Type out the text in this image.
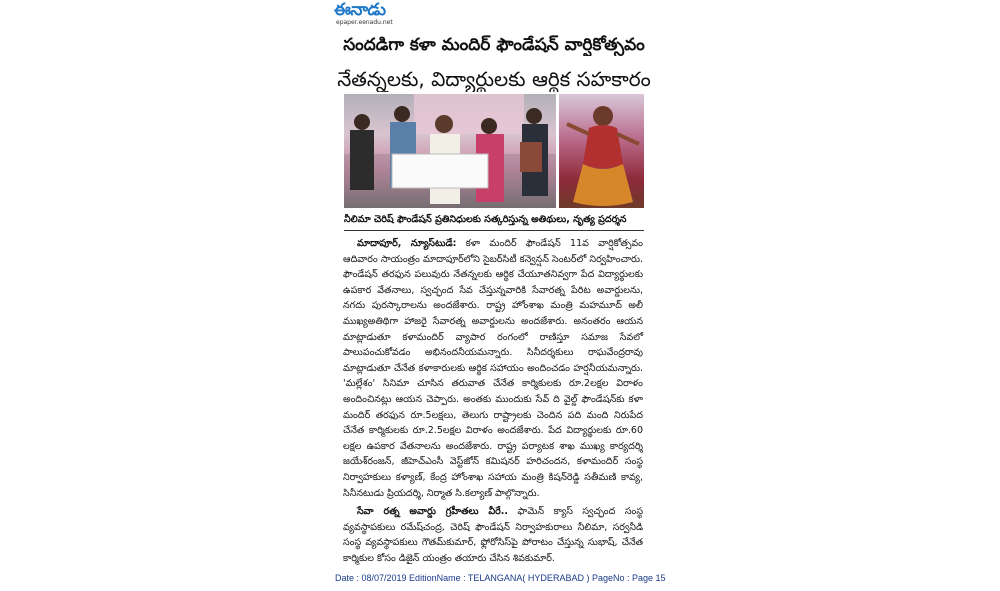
ఈనాడు
epaper.eenadu.net
సందడిగా కళా మందిర్ ఫౌండేషన్ వార్షికోత్సవం
నేతన్నలకు, విద్యార్థులకు ఆర్థిక సహకారం
నీలిమా చెరిష్ ఫౌండేషన్ ప్రతినిధులకు సత్కరిస్తున్న అతిథులు, నృత్య ప్రదర్శన

మాదాపూర్, న్యూస్‌టుడే: కళా మందిర్ ఫౌండేషన్ 11వ వార్షికోత్సవం ఆదివారం సాయంత్రం మాదాపూర్‌లోని సైబర్‌సిటీ కన్వెన్షన్ సెంటర్‌లో నిర్వహించారు. ఫౌండేషన్ తరఫున పలువురు నేతన్నలకు ఆర్థిక చేయూతనివ్వగా పేద విద్యార్థులకు ఉపకార వేతనాలు, స్వచ్ఛంద సేవ చేస్తున్నవారికి సేవారత్న పేరిట అవార్డులను, నగదు పురస్కారాలను అందజేశారు. రాష్ట్ర హోంశాఖ మంత్రి మహమూద్ అలీ ముఖ్యఅతిథిగా హాజరై సేవారత్న అవార్డులను అందజేశారు. అనంతరం ఆయన మాట్లాడుతూ కళామందిర్ వ్యాపార రంగంలో రాణిస్తూ సమాజ సేవలో పాలుపంచుకోవడం అభినందనీయమన్నారు. సినీదర్శకులు రాఘవేంద్రరావు మాట్లాడుతూ చేనేత కళాకారులకు ఆర్థిక సహాయం అందించడం హర్షనీయమన్నారు. 'మల్లేశం' సినిమా చూసిన తరువాత చేనేత కార్మికులకు రూ.2లక్షల విరాళం అందించినట్లు ఆయన చెప్పారు. అంతకు ముందుకు సేవ్ ది వైల్డ్ ఫౌండేషన్‌కు కళా మందిర్ తరఫున రూ.5లక్షలు, తెలుగు రాష్ట్రాలకు చెందిన పది మంది నిరుపేద చేనేత కార్మికులకు రూ.2.5లక్షల విరాళం అందజేశారు. పేద విద్యార్థులకు రూ.60 లక్షల ఉపకార వేతనాలను అందజేశారు. రాష్ట్ర పర్యాటక శాఖ ముఖ్య కార్యదర్శి జయేశ్‌రంజన్, జీహెచ్ఎంసీ వెస్ట్‌జోన్ కమిషనర్ హరిచందన, కళామందిర్ సంస్థ నిర్వాహకులు కళ్యాణ్, కేంద్ర హోంశాఖ సహాయ మంత్రి కిషన్‌రెడ్డి సతీమణి కావ్య, సినీనటుడు ప్రియదర్శి, నిర్మాత సి.కల్యాణ్ పాల్గొన్నారు.

సేవా రత్న అవార్డు గ్రహీతలు వీరే.. ఫామెన్ క్యాస్ స్వచ్ఛంద సంస్థ వ్యవస్థాపకులు రమేష్‌చంద్ర, చెరిష్ ఫౌండేషన్ నిర్వాహకురాలు నీలిమా, సర్వనీడి సంస్థ వ్యవస్థాపకులు గౌతమ్‌కుమార్, ఫ్లోరోసిస్‌పై పోరాటం చేస్తున్న సుభాష్, చేనేత కార్మికుల కోసం డిజైన్ యంత్రం తయారు చేసిన శివకుమార్.

Date : 08/07/2019 EditionName : TELANGANA( HYDERABAD ) PageNo : Page 15
